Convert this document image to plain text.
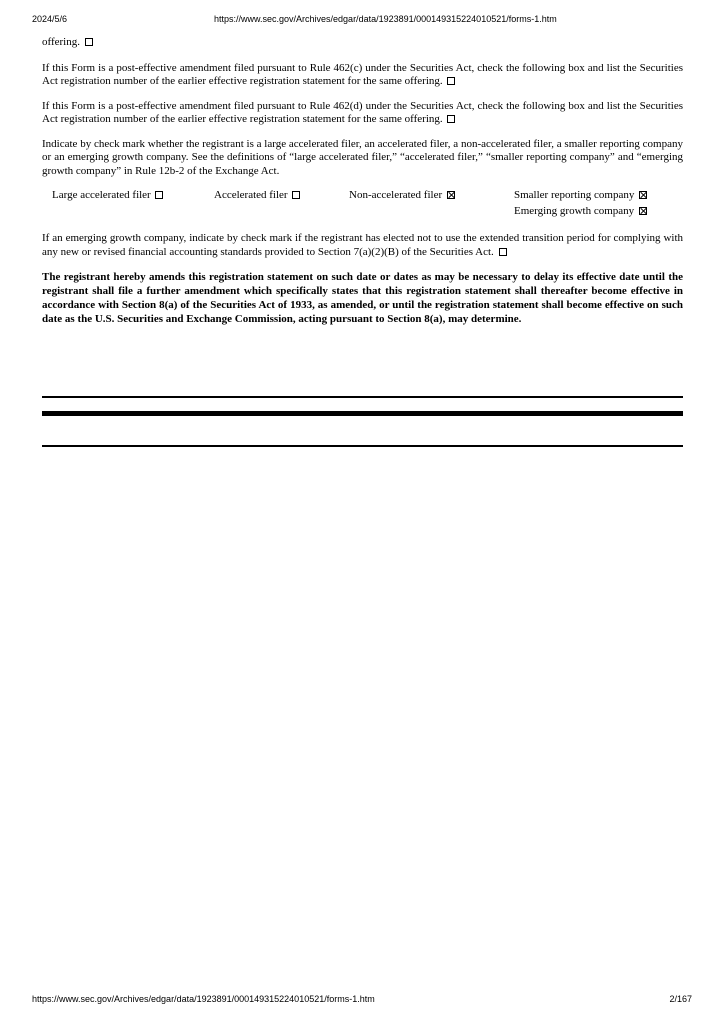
2024/5/6	https://www.sec.gov/Archives/edgar/data/1923891/000149315224010521/forms-1.htm

offering.

If this Form is a post-effective amendment filed pursuant to Rule 462(c) under the Securities Act, check the following box and list the Securities Act registration number of the earlier effective registration statement for the same offering.

If this Form is a post-effective amendment filed pursuant to Rule 462(d) under the Securities Act, check the following box and list the Securities Act registration number of the earlier effective registration statement for the same offering.

Indicate by check mark whether the registrant is a large accelerated filer, an accelerated filer, a non-accelerated filer, a smaller reporting company or an emerging growth company. See the definitions of “large accelerated filer,” “accelerated filer,” “smaller reporting company” and “emerging growth company” in Rule 12b-2 of the Exchange Act.

Large accelerated filer	Accelerated filer	Non-accelerated filer	Smaller reporting company
Emerging growth company

If an emerging growth company, indicate by check mark if the registrant has elected not to use the extended transition period for complying with any new or revised financial accounting standards provided to Section 7(a)(2)(B) of the Securities Act.

The registrant hereby amends this registration statement on such date or dates as may be necessary to delay its effective date until the registrant shall file a further amendment which specifically states that this registration statement shall thereafter become effective in accordance with Section 8(a) of the Securities Act of 1933, as amended, or until the registration statement shall become effective on such date as the U.S. Securities and Exchange Commission, acting pursuant to Section 8(a), may determine.

https://www.sec.gov/Archives/edgar/data/1923891/000149315224010521/forms-1.htm	2/167
